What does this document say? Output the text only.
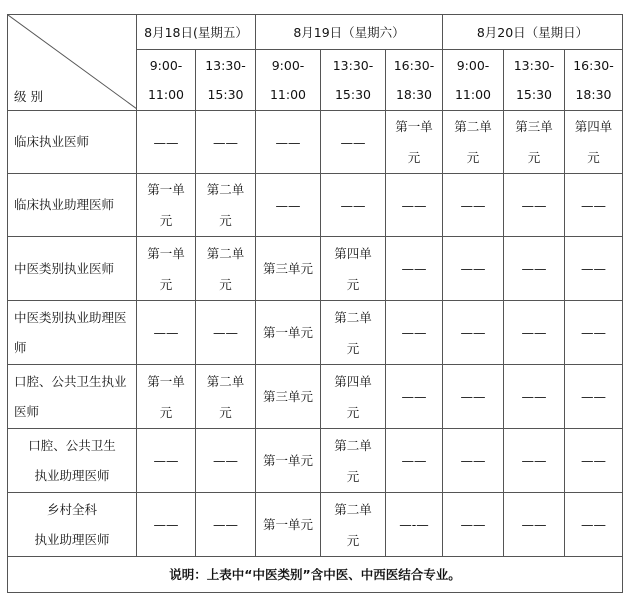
级别	8月18日(星期五）		8月19日（星期六）			8月20日（星期日）		
	9:00-
11:00	13:30-
15:30	9:00-
11:00	13:30-
15:30	16:30-
18:30	9:00-
11:00	13:30-
15:30	16:30-
18:30
临床执业医师	——	——	——	——	第一单
元	第二单
元	第三单
元	第四单
元
临床执业助理医师	第一单
元	第二单
元	——	——	——	——	——	——
中医类别执业医师	第一单
元	第二单
元	第三单元	第四单
元	——	——	——	——
中医类别执业助理医
师	——	——	第一单元	第二单
元	——	——	——	——
口腔、公共卫生执业
医师	第一单
元	第二单
元	第三单元	第四单
元	——	——	——	——
口腔、公共卫生
执业助理医师	——	——	第一单元	第二单
元	——	——	——	——
乡村全科
执业助理医师	——	——	第一单元	第二单
元	—-—	——	——	——
说明：上表中“中医类别”含中医、中西医结合专业。								
